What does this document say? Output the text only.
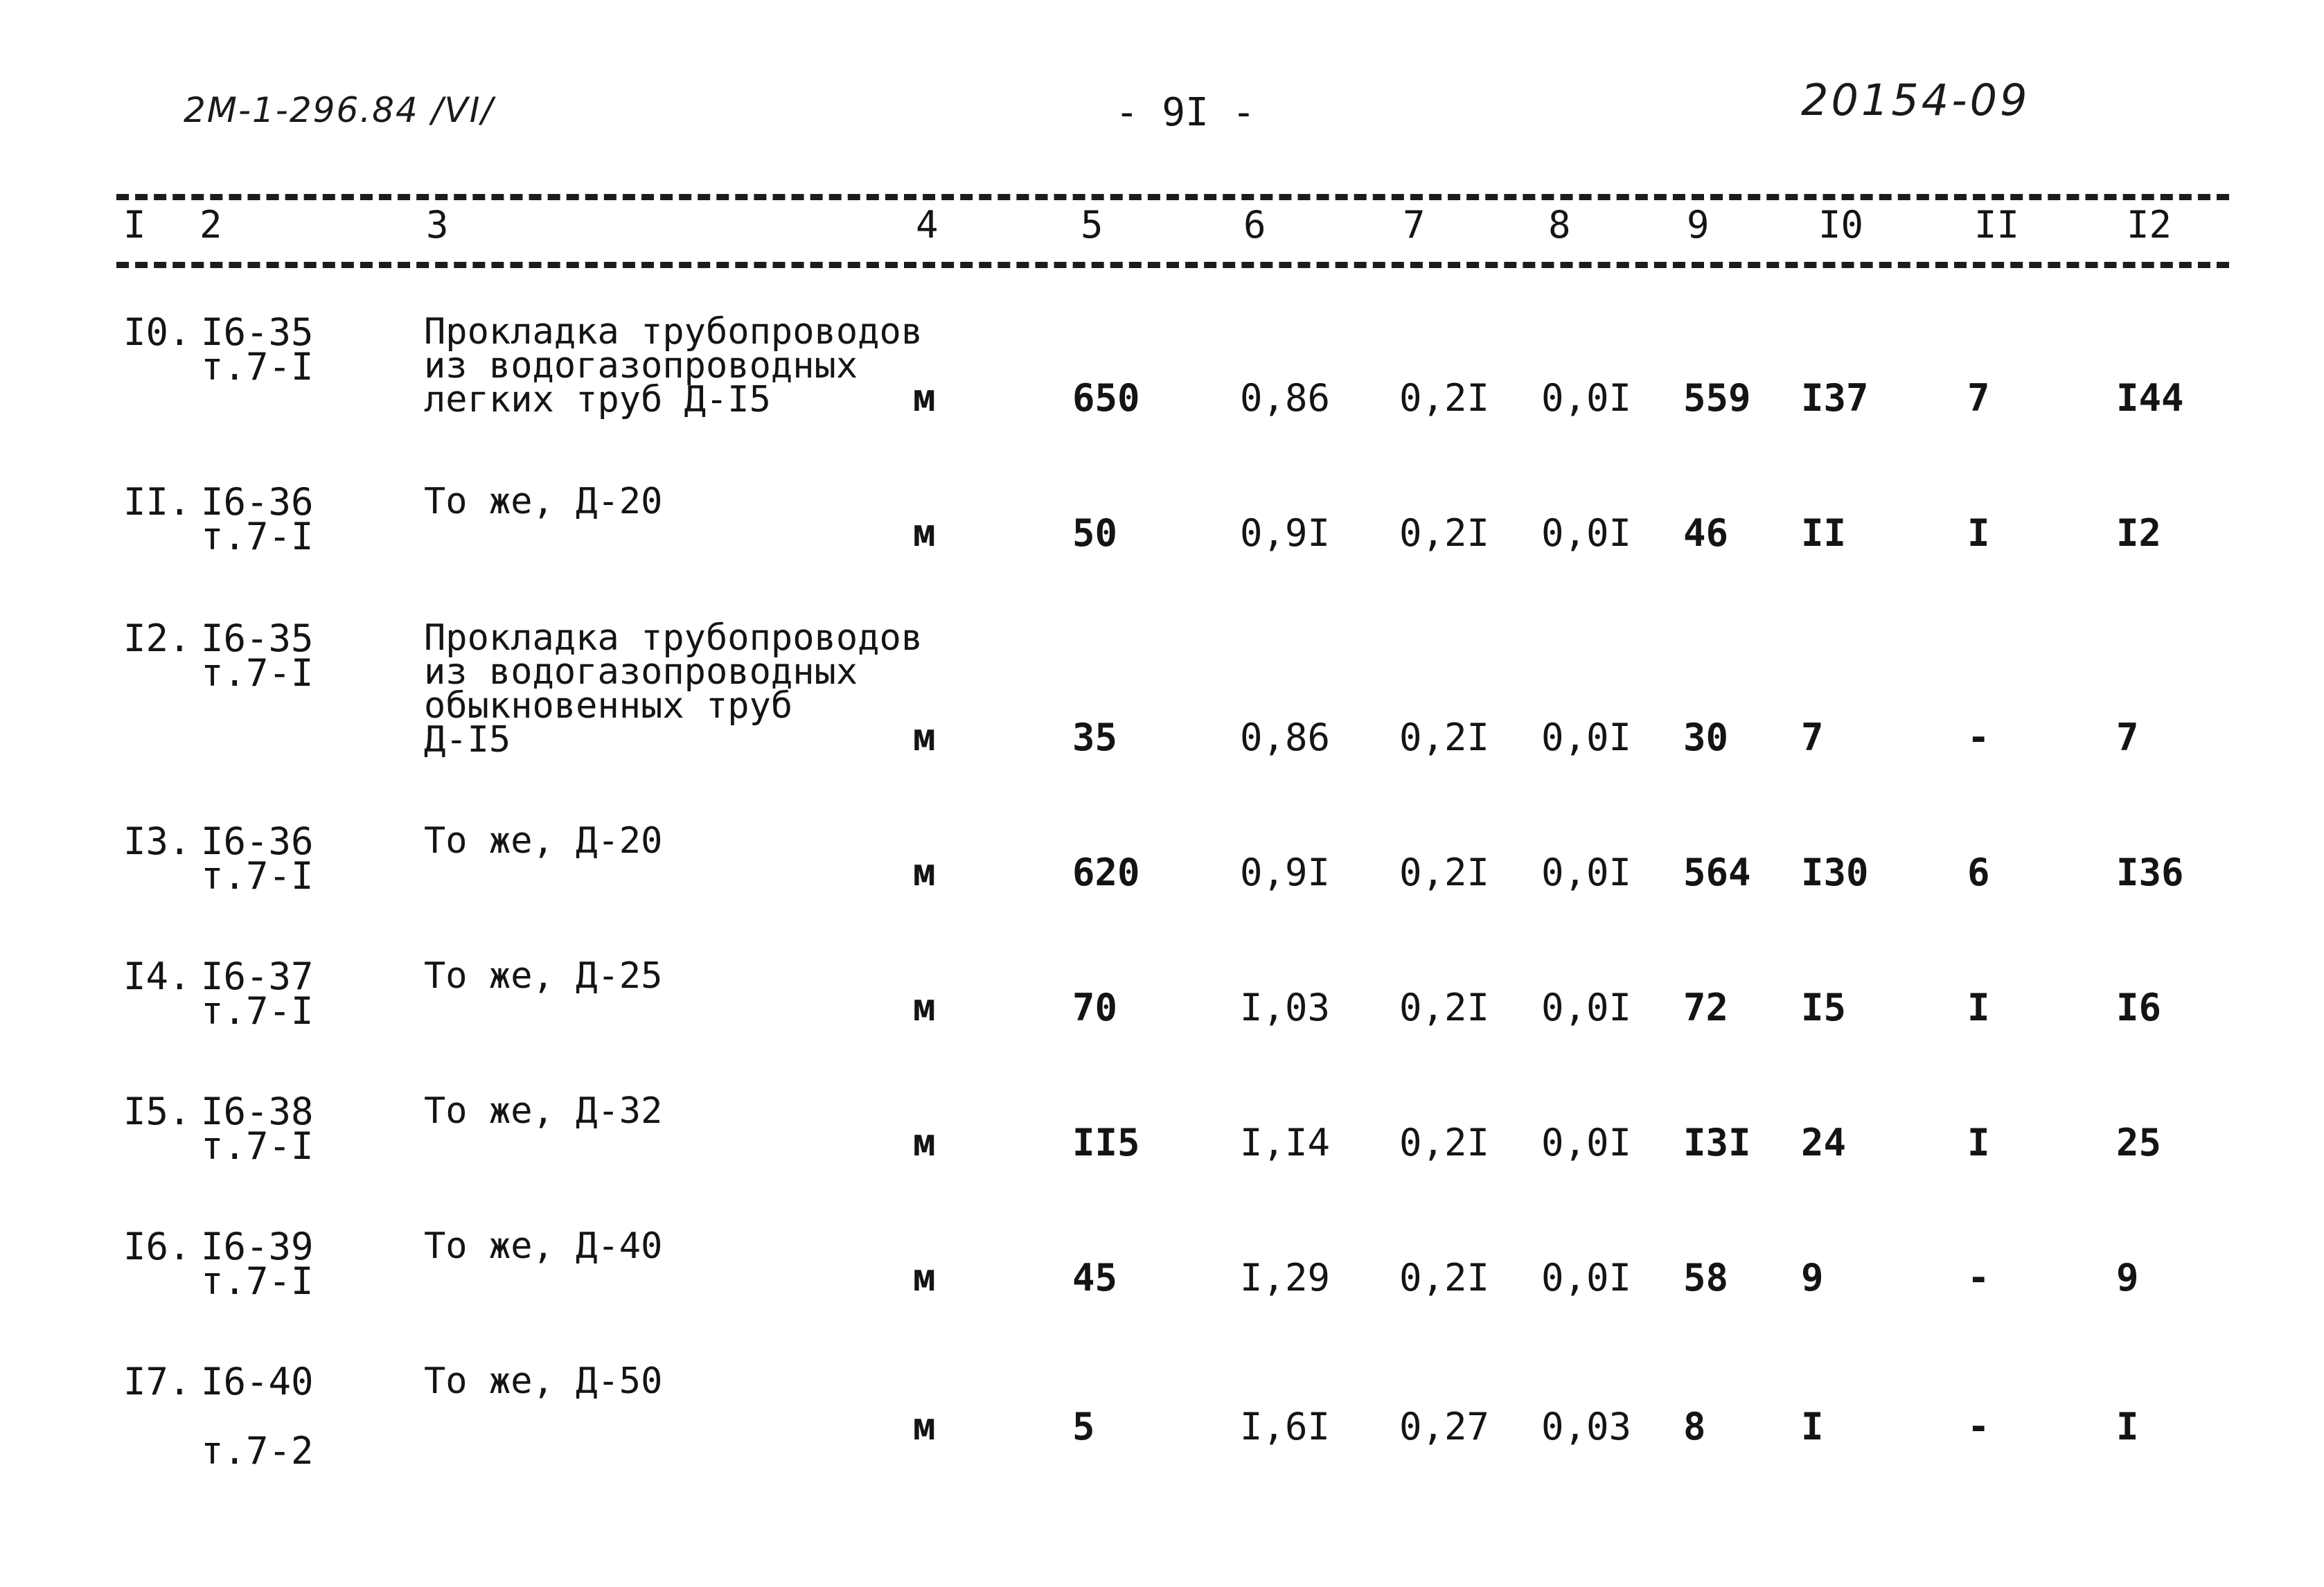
2M-1-296.84 /VI/	- 9I -	20154-09
I 2	3	4	5	6	7	8	9	I0	II	I2
I0. I6-35
т.7-I
Прокладка трубопроводов
из водогазопроводных
легких труб Д-I5	м	650	0,86 0,2I 0,0I 559 I37	7	I44
II. I6-36
т.7-I
То же, Д-20
м	50	0,9I 0,2I 0,0I 46 II	I	I2
I2. I6-35
т.7-I
Прокладка трубопроводов
из водогазопроводных
обыкновенных труб
Д-I5	м	35	0,86 0,2I 0,0I 30 7	-	7
I3. I6-36
т.7-I
То же, Д-20
м	620	0,9I 0,2I 0,0I 564 I30	6	I36
I4. I6-37
т.7-I
То же, Д-25
м	70	I,03 0,2I 0,0I 72 I5	I	I6
I5. I6-38
т.7-I
То же, Д-32
м	II5	I,I4 0,2I 0,0I I3I 24	I	25
I6. I6-39
т.7-I
То же, Д-40
м	45	I,29 0,2I 0,0I 58 9	-	9
I7. I6-40

т.7-2
То же, Д-50
м	5	I,6I 0,27 0,03 8	I	-	I
